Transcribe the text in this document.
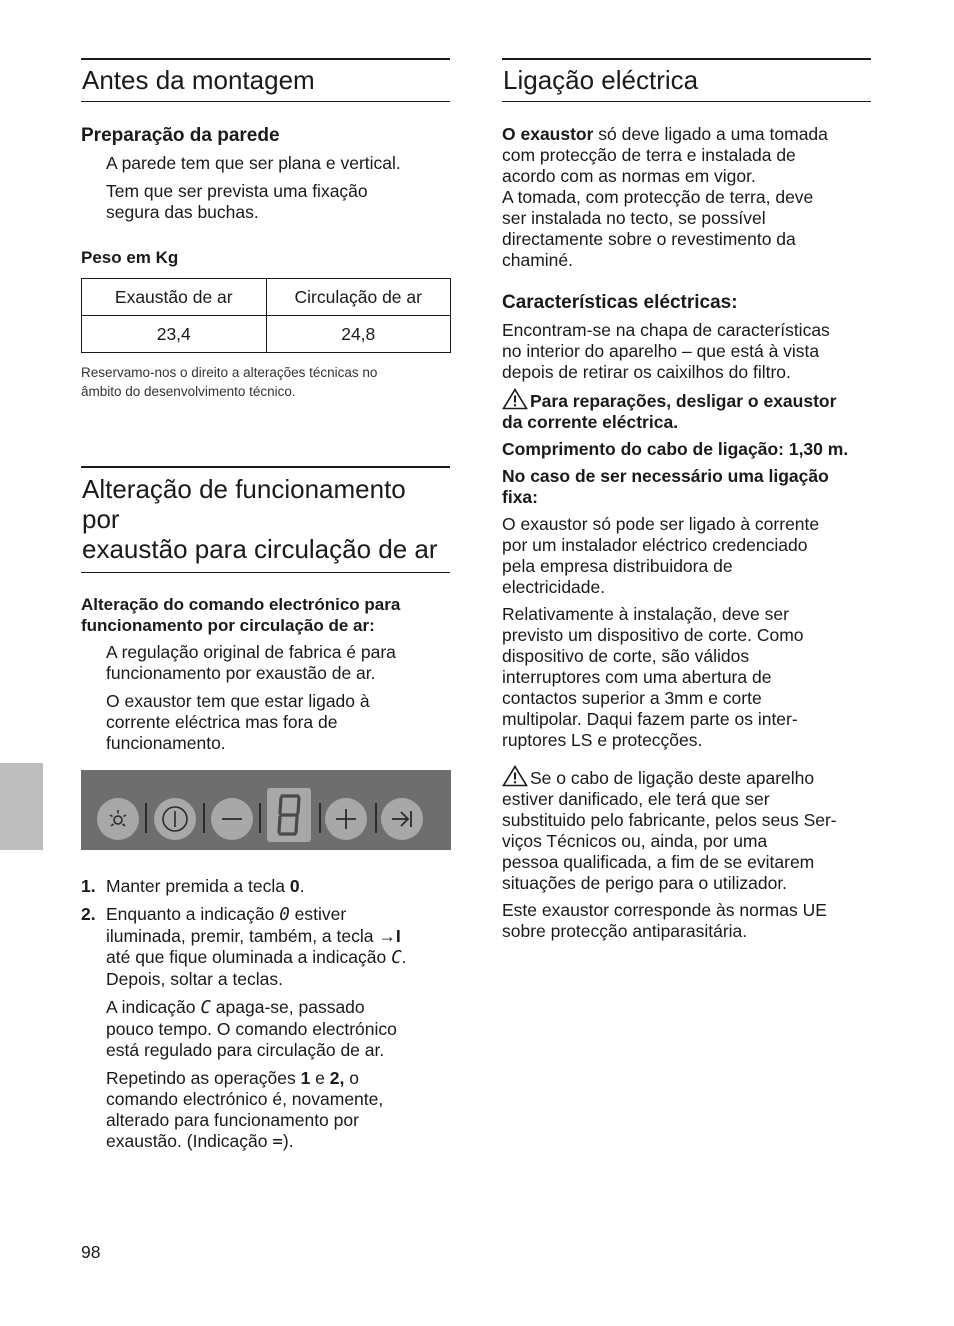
Antes da montagem
Preparação da parede

A parede tem que ser plana e vertical.

Tem que ser prevista uma fixação

segura das buchas.

Peso em Kg
Exaustão de ar	Circulação de ar
23,4	24,8

Reservamo-nos o direito a alterações técnicas no

âmbito do desenvolvimento técnico.

Alteração de funcionamento por
exaustão para circulação de ar
Alteração do comando electrónico para
funcionamento por circulação de ar:

A regulação original de fabrica é para

funcionamento por exaustão de ar.

O exaustor tem que estar ligado à

corrente eléctrica mas fora de

funcionamento.

1. Manter premida a tecla 0.
2. Enquanto a indicação 0 estiver
iluminada, premir, também, a tecla →I
até que fique oluminada a indicação C.
Depois, soltar a teclas.

A indicação C apaga-se, passado

pouco tempo. O comando electrónico

está regulado para circulação de ar.

Repetindo as operações 1 e 2, o

comando electrónico é, novamente,

alterado para funcionamento por

exaustão. (Indicação =).

Ligação eléctrica

O exaustor só deve ligado a uma tomada

com protecção de terra e instalada de

acordo com as normas em vigor.

A tomada, com protecção de terra, deve

ser instalada no tecto, se possível

directamente sobre o revestimento da

chaminé.

Características eléctricas:

Encontram-se na chapa de características

no interior do aparelho – que está à vista

depois de retirar os caixilhos do filtro.

Para reparações, desligar o exaustor

da corrente eléctrica.

Comprimento do cabo de ligação: 1,30 m.

No caso de ser necessário uma ligação

fixa:

O exaustor só pode ser ligado à corrente

por um instalador eléctrico credenciado

pela empresa distribuidora de

electricidade.

Relativamente à instalação, deve ser

previsto um dispositivo de corte. Como

dispositivo de corte, são válidos

interruptores com uma abertura de

contactos superior a 3mm e corte

multipolar. Daqui fazem parte os inter-

ruptores LS e protecções.

Se o cabo de ligação deste aparelho

estiver danificado, ele terá que ser

substituido pelo fabricante, pelos seus Ser-

viços Técnicos ou, ainda, por uma

pessoa qualificada, a fim de se evitarem

situações de perigo para o utilizador.

Este exaustor corresponde às normas UE

sobre protecção antiparasitária.

98
